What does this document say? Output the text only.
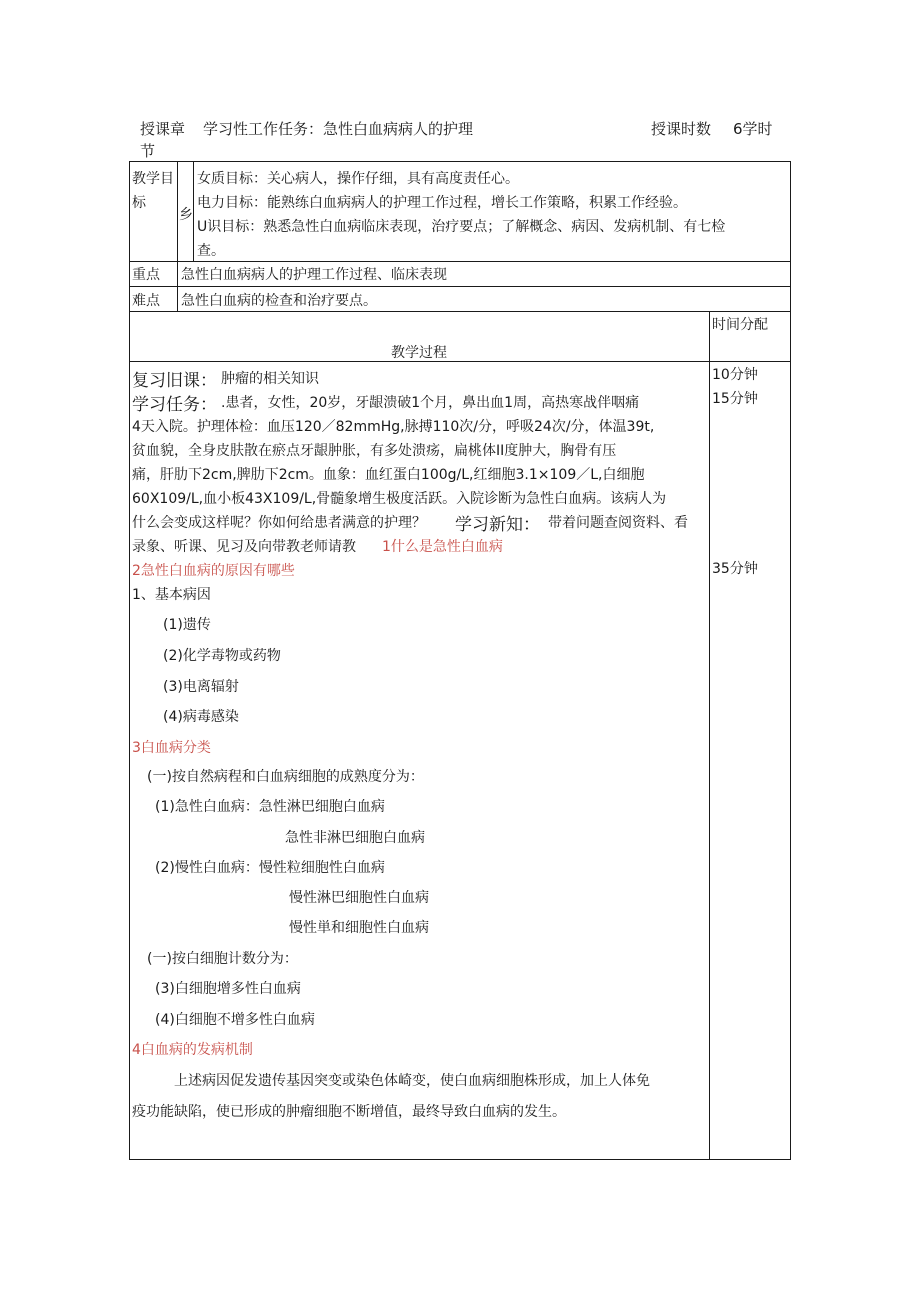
授课章
节
学习性工作任务：急性白血病病人的护理	授课时数 6学时
教学目
标
乡
女质目标：关心病人，操作仔细，具有高度责任心。
电力目标：能熟练白血病病人的护理工作过程，增长工作策略，积累工作经验。
U识目标：熟悉急性白血病临床表现，治疗要点；了解概念、病因、发病机制、有七检
查。
重点 急性白血病病人的护理工作过程、临床表现
难点 急性白血病的检查和治疗要点。
教学过程
时间分配
10分钟
15分钟
35分钟
复习旧课： 肿瘤的相关知识
学习任务： .患者，女性，20岁，牙龈溃破1个月，鼻出血1周，高热寒战伴咽痛
4天入院。护理体检：血压120／82mmHg,脉搏110次/分，呼吸24次/分，体温39t,
贫血貌，全身皮肤散在瘀点牙龈肿胀，有多处溃疡，扁桃体II度肿大，胸骨有压
痛，肝肋下2cm,脾肋下2cm。血象：血红蛋白100g/L,红细胞3.1×109／L,白细胞
60X109/L,血小板43X109/L,骨髓象增生极度活跃。入院诊断为急性白血病。该病人为
什么会变成这样呢？你如何给患者满意的护理？ 学习新知： 带着问题查阅资料、看
录象、听课、见习及向带教老师请教 1什么是急性白血病
2急性白血病的原因有哪些
1、基本病因
(1)遗传
(2)化学毒物或药物
(3)电离辐射
(4)病毒感染
3白血病分类
(一)按自然病程和白血病细胞的成熟度分为：
(1)急性白血病：急性淋巴细胞白血病
急性非淋巴细胞白血病
(2)慢性白血病：慢性粒细胞性白血病
慢性淋巴细胞性白血病
慢性単和细胞性白血病
(一)按白细胞计数分为：
(3)白细胞增多性白血病
(4)白细胞不增多性白血病
4白血病的发病机制
上述病因促发遗传基因突变或染色体崎变，使白血病细胞株形成，加上人体免
疫功能缺陷，使已形成的肿瘤细胞不断增值，最终导致白血病的发生。
